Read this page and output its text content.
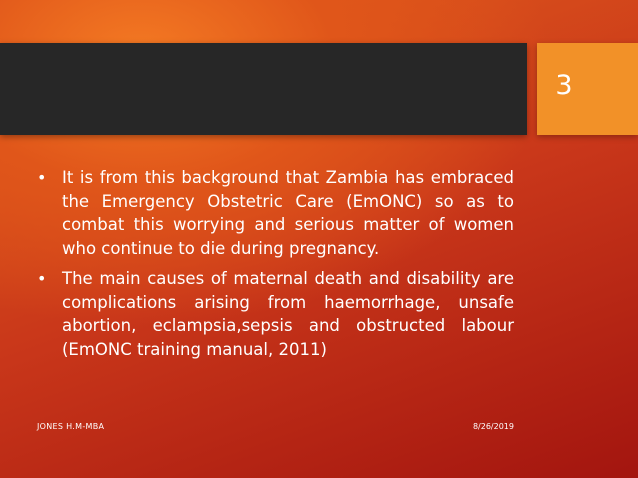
3
• It is from this background that Zambia has embraced the Emergency Obstetric Care (EmONC) so as to combat this worrying and serious matter of women who continue to die during pregnancy.
• The main causes of maternal death and disability are complications arising from haemorrhage, unsafe abortion, eclampsia,sepsis and obstructed labour (EmONC training manual, 2011)
JONES H.M-MBA	8/26/2019
